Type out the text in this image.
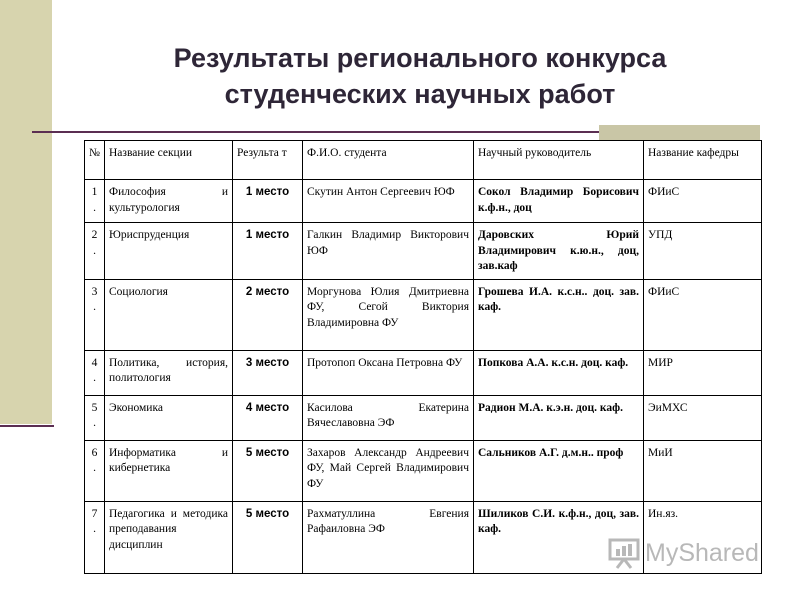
Результаты регионального конкурса
студенческих научных работ
№	Название секции	Результа т	Ф.И.О. студента	Научный руководитель	Название кафедры
1 .	Философия и культурология	1 место	Скутин Антон Сергеевич ЮФ	Сокол Владимир Борисович к.ф.н., доц	ФИиС
2 .	Юриспруденция	1 место	Галкин Владимир Викторович ЮФ	Даровских Юрий Владимирович к.ю.н., доц, зав.каф	УПД
3 .	Социология	2 место	Моргунова Юлия Дмитриевна ФУ, Сегой Виктория Владимировна ФУ	Грошева И.А. к.с.н.. доц. зав. каф.	ФИиС
4 .	Политика, история, политология	3 место	Протопоп Оксана Петровна ФУ	Попкова А.А. к.с.н. доц. каф.	МИР
5 .	Экономика	4 место	Касилова Екатерина Вячеславовна ЭФ	Радион М.А. к.э.н. доц. каф.	ЭиМХС
6 .	Информатика и кибернетика	5 место	Захаров Александр Андреевич ФУ, Май Сергей Владимирович ФУ	Сальников А.Г. д.м.н.. проф	МиИ
7 .	Педагогика и методика преподавания дисциплин	5 место	Рахматуллина Евгения Рафаиловна ЭФ	Шиликов С.И. к.ф.н., доц, зав. каф.	Ин.яз.
MyShared
